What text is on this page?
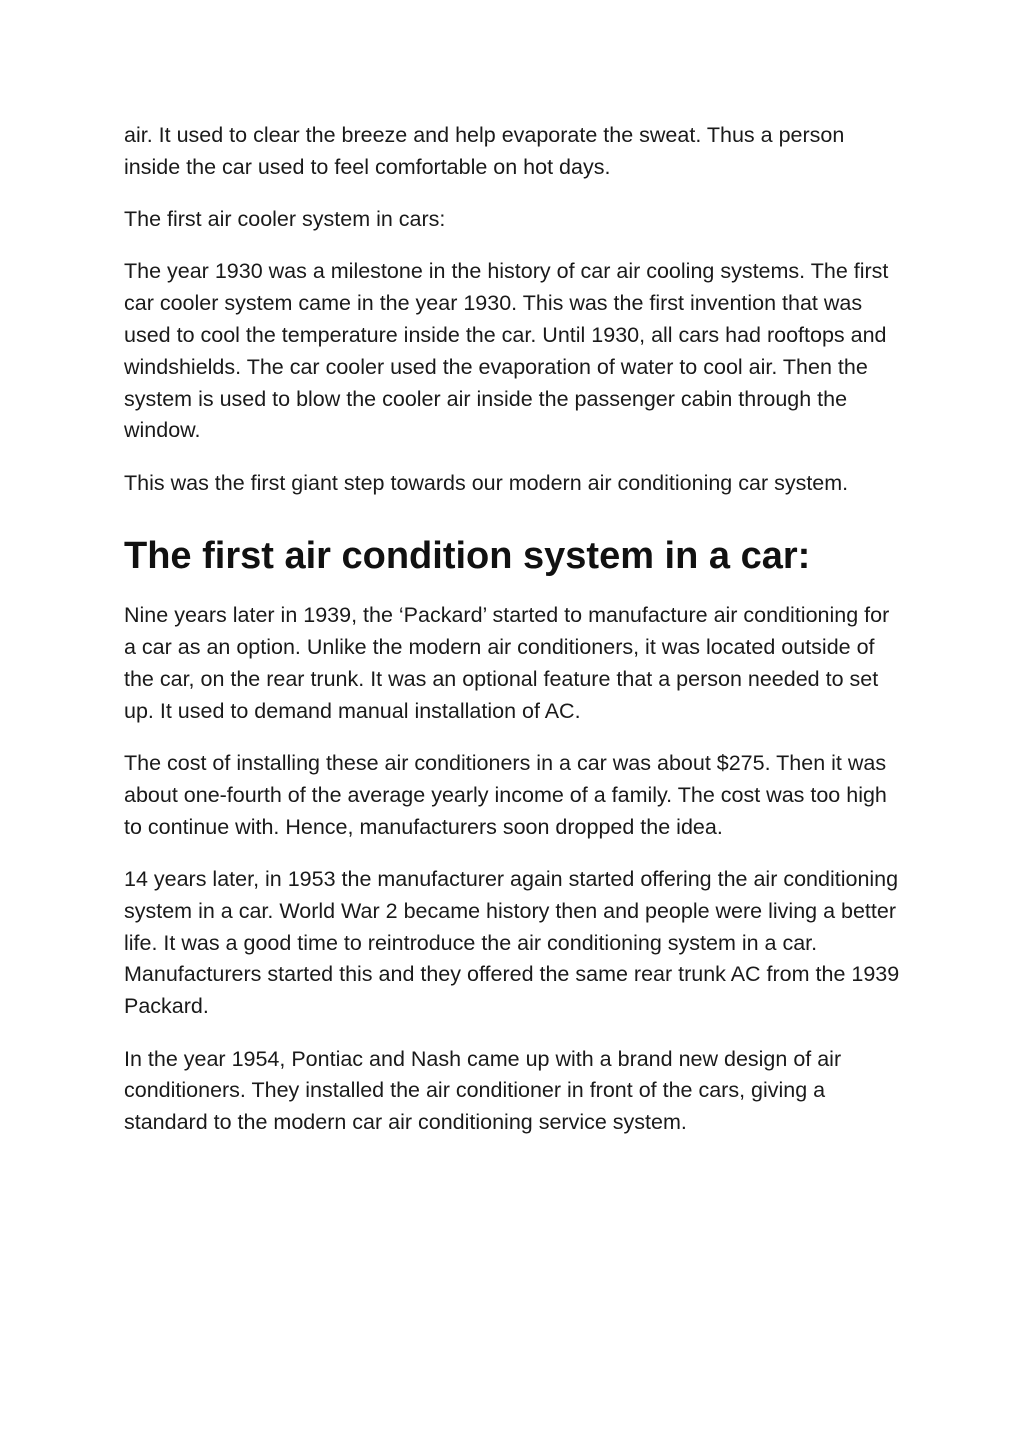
air. It used to clear the breeze and help evaporate the sweat. Thus a person inside the car used to feel comfortable on hot days.

The first air cooler system in cars:

The year 1930 was a milestone in the history of car air cooling systems. The first car cooler system came in the year 1930. This was the first invention that was used to cool the temperature inside the car. Until 1930, all cars had rooftops and windshields. The car cooler used the evaporation of water to cool air. Then the system is used to blow the cooler air inside the passenger cabin through the window.

This was the first giant step towards our modern air conditioning car system.

The first air condition system in a car:

Nine years later in 1939, the ‘Packard’ started to manufacture air conditioning for a car as an option. Unlike the modern air conditioners, it was located outside of the car, on the rear trunk. It was an optional feature that a person needed to set up. It used to demand manual installation of AC.

The cost of installing these air conditioners in a car was about $275. Then it was about one-fourth of the average yearly income of a family. The cost was too high to continue with. Hence, manufacturers soon dropped the idea.

14 years later, in 1953 the manufacturer again started offering the air conditioning system in a car. World War 2 became history then and people were living a better life. It was a good time to reintroduce the air conditioning system in a car. Manufacturers started this and they offered the same rear trunk AC from the 1939 Packard.

In the year 1954, Pontiac and Nash came up with a brand new design of air conditioners. They installed the air conditioner in front of the cars, giving a standard to the modern car air conditioning service system.
